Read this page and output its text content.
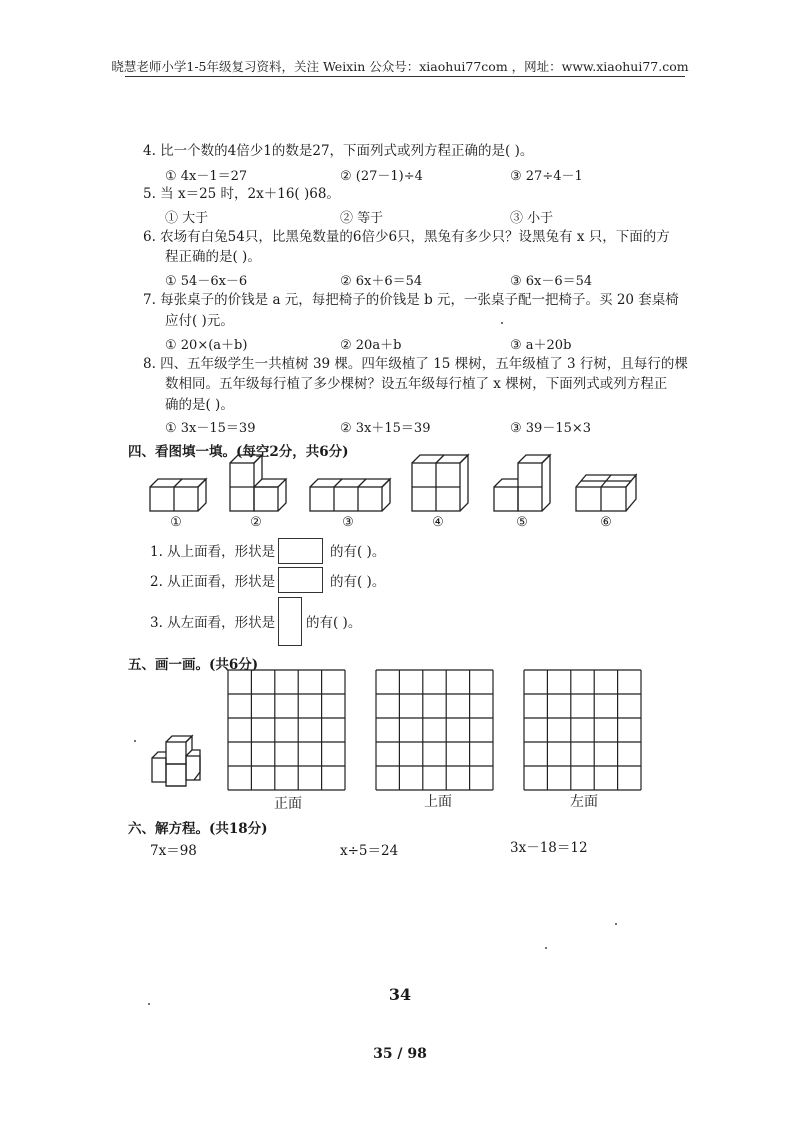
晓慧老师小学1-5年级复习资料，关注 Weixin 公众号：xiaohui77com ，网址：www.xiaohui77.com
4. 比一个数的4倍少1的数是27，下面列式或列方程正确的是( )。
① 4x－1＝27	② (27－1)÷4	③ 27÷4－1
5. 当 x＝25 时，2x＋16( )68。
① 大于	② 等于	③ 小于
6. 农场有白兔54只，比黑兔数量的6倍少6只，黑兔有多少只？设黑兔有 x 只，下面的方
程正确的是( )。
① 54－6x－6	② 6x＋6＝54	③ 6x－6＝54
7. 每张桌子的价钱是 a 元，每把椅子的价钱是 b 元，一张桌子配一把椅子。买 20 套桌椅
应付( )元。
① 20×(a＋b)	② 20a＋b	③ a＋20b
8. 四、五年级学生一共植树 39 棵。四年级植了 15 棵树，五年级植了 3 行树，且每行的棵
数相同。五年级每行植了多少棵树？设五年级每行植了 x 棵树，下面列式或列方程正
确的是( )。
① 3x－15＝39	② 3x＋15＝39	③ 39－15×3
四、看图填一填。(每空2分，共6分)
①	②	③	④	⑤	⑥
1. 从上面看，形状是	的有( )。
2. 从正面看，形状是	的有( )。
3. 从左面看，形状是 的有( )。
五、画一画。(共6分)
正面	上面	左面
六、解方程。(共18分)
7x＝98	x÷5＝24	3x－18＝12
34
35 / 98
